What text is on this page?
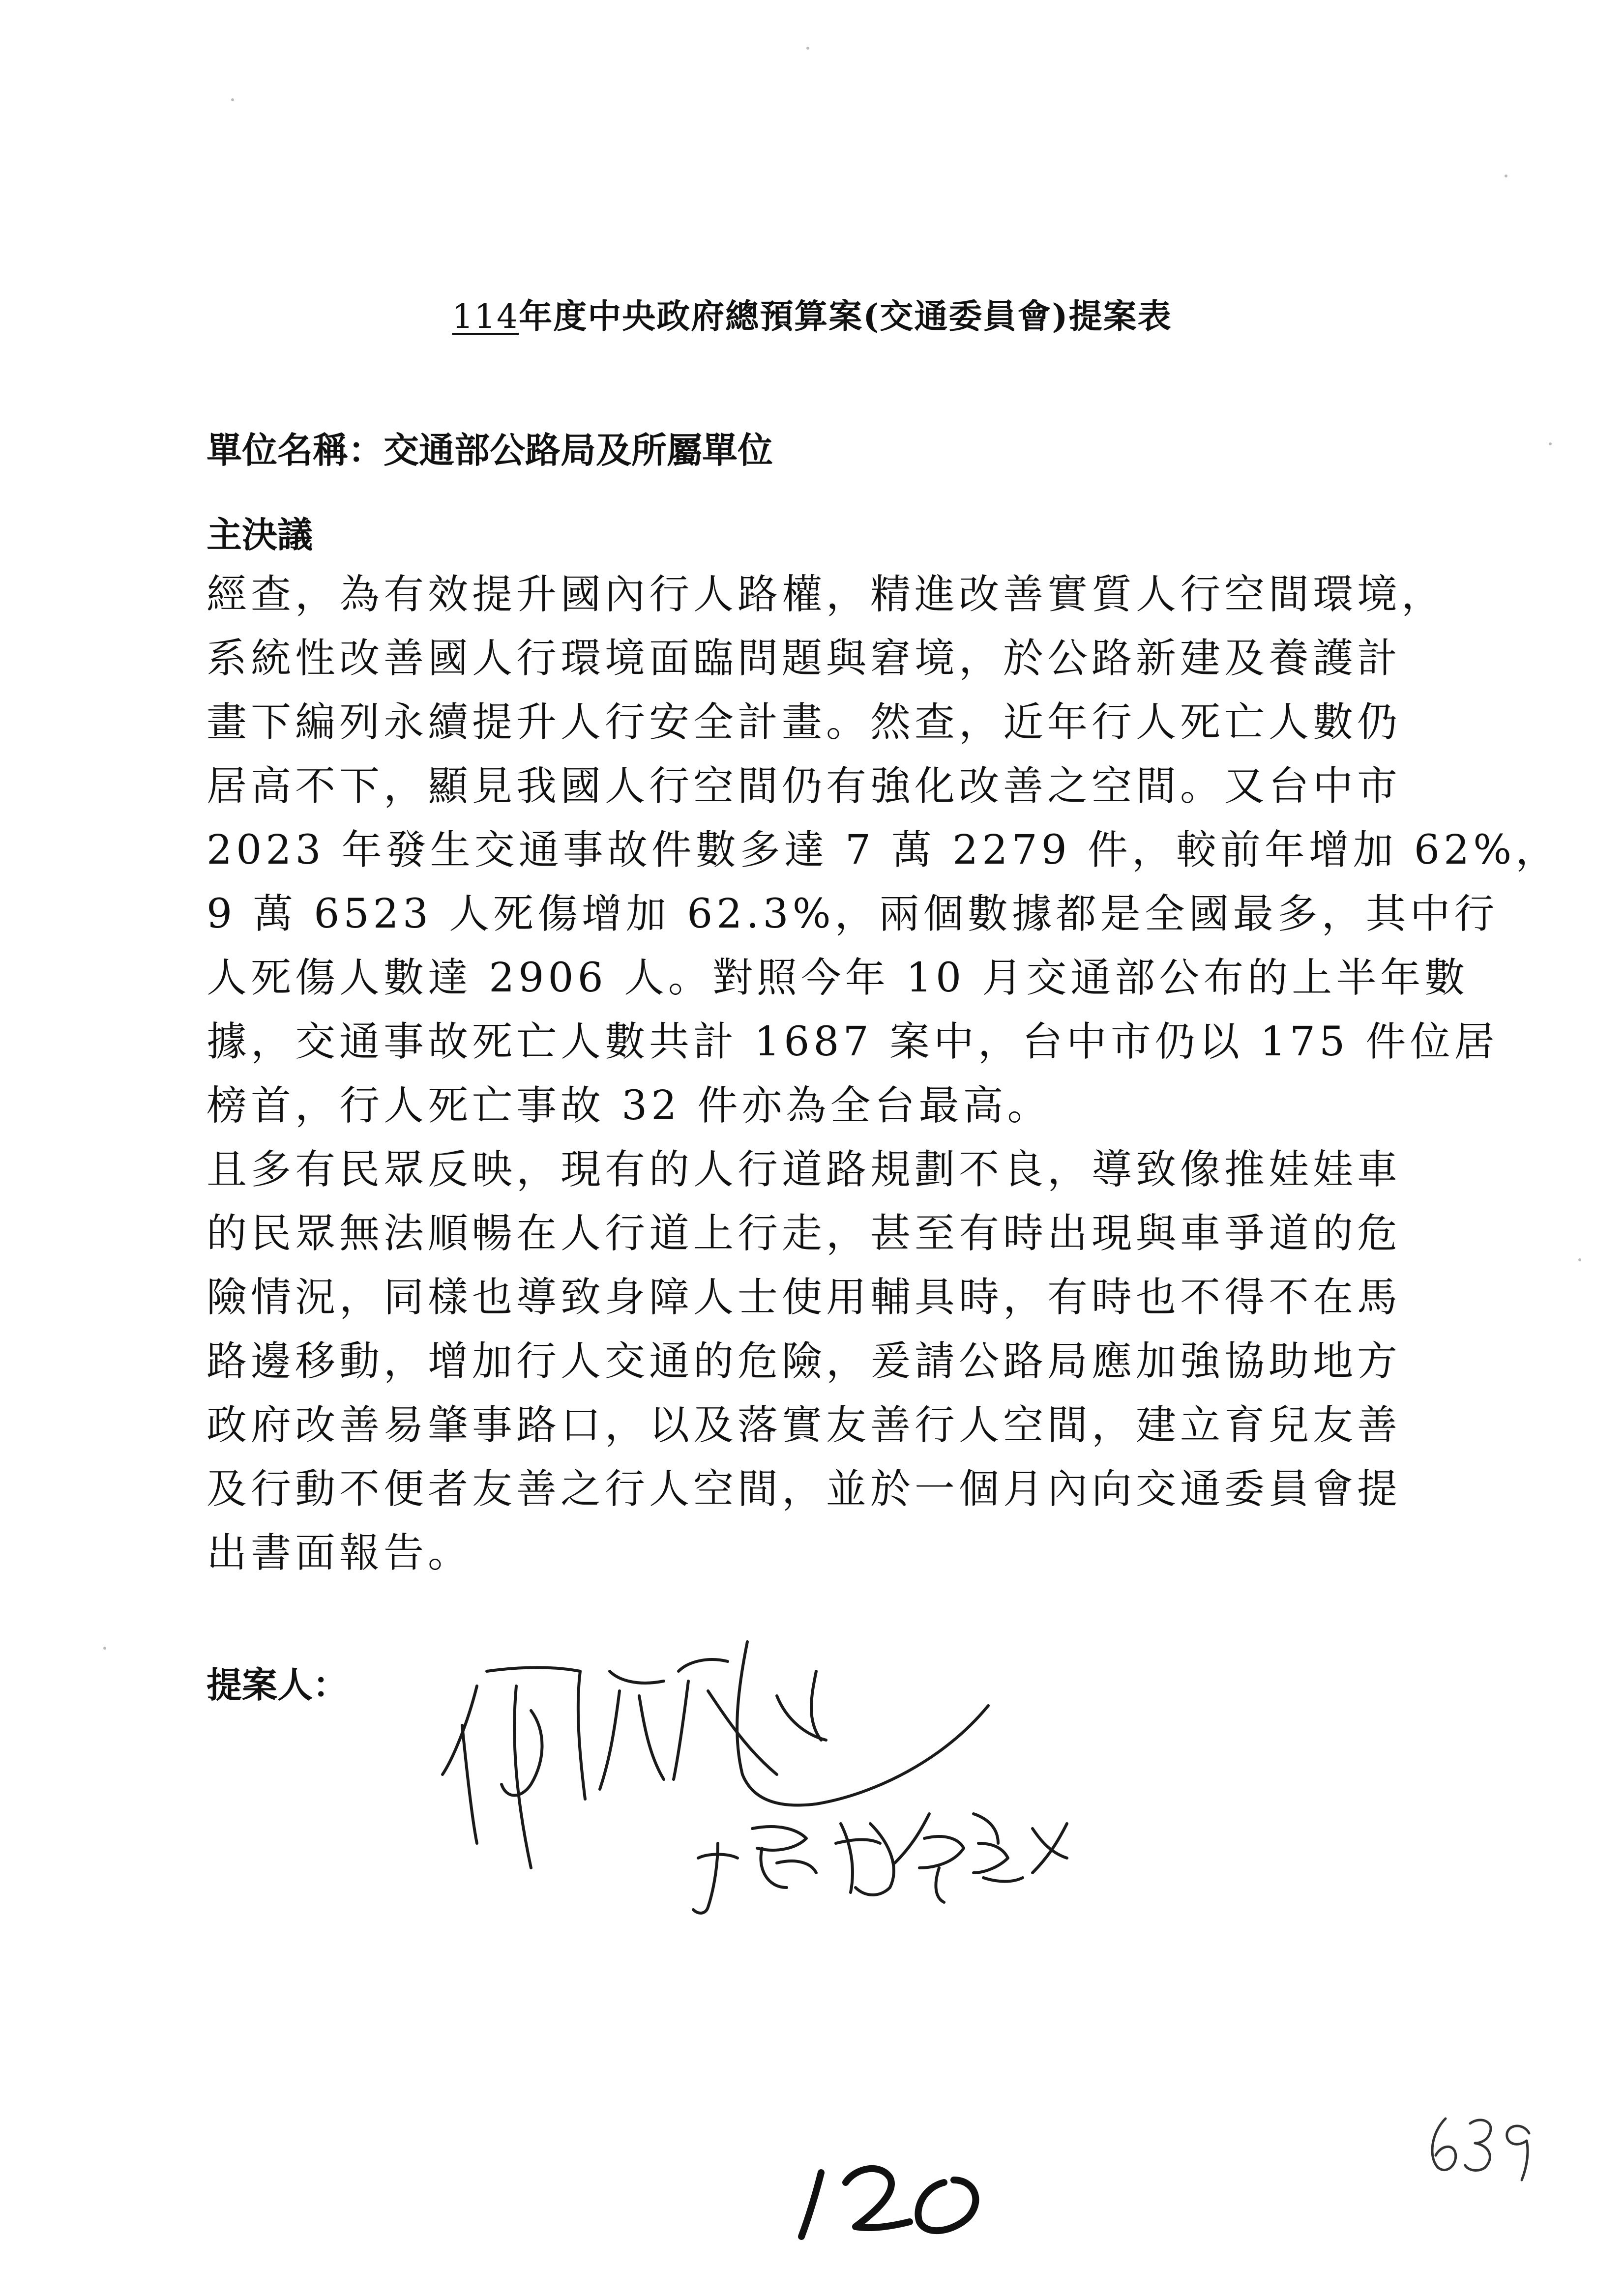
114年度中央政府總預算案(交通委員會)提案表
單位名稱：交通部公路局及所屬單位
主決議
經查，為有效提升國內行人路權，精進改善實質人行空間環境，
系統性改善國人行環境面臨問題與窘境，於公路新建及養護計
畫下編列永續提升人行安全計畫。然查，近年行人死亡人數仍
居高不下，顯見我國人行空間仍有強化改善之空間。又台中市
2023 年發生交通事故件數多達 7 萬 2279 件，較前年增加 62%，
9 萬 6523 人死傷增加 62.3%，兩個數據都是全國最多，其中行
人死傷人數達 2906 人。對照今年 10 月交通部公布的上半年數
據，交通事故死亡人數共計 1687 案中，台中市仍以 175 件位居
榜首，行人死亡事故 32 件亦為全台最高。
且多有民眾反映，現有的人行道路規劃不良，導致像推娃娃車
的民眾無法順暢在人行道上行走，甚至有時出現與車爭道的危
險情況，同樣也導致身障人士使用輔具時，有時也不得不在馬
路邊移動，增加行人交通的危險，爰請公路局應加強協助地方
政府改善易肇事路口，以及落實友善行人空間，建立育兒友善
及行動不便者友善之行人空間，並於一個月內向交通委員會提
出書面報告。
提案人：
